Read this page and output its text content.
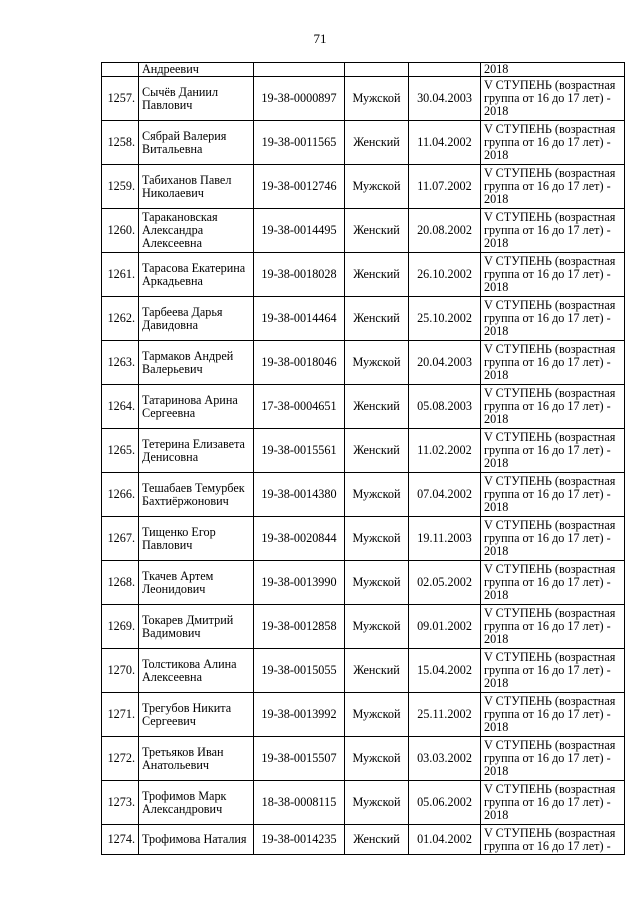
71
	Андреевич				2018
1257.	Сычёв Даниил Павлович	19-38-0000897	Мужской	30.04.2003	V СТУПЕНЬ (возрастная группа от 16 до 17 лет) - 2018
1258.	Сябрай Валерия Витальевна	19-38-0011565	Женский	11.04.2002	V СТУПЕНЬ (возрастная группа от 16 до 17 лет) - 2018
1259.	Табиханов Павел Николаевич	19-38-0012746	Мужской	11.07.2002	V СТУПЕНЬ (возрастная группа от 16 до 17 лет) - 2018
1260.	Таракановская Александра Алексеевна	19-38-0014495	Женский	20.08.2002	V СТУПЕНЬ (возрастная группа от 16 до 17 лет) - 2018
1261.	Тарасова Екатерина Аркадьевна	19-38-0018028	Женский	26.10.2002	V СТУПЕНЬ (возрастная группа от 16 до 17 лет) - 2018
1262.	Тарбеева Дарья Давидовна	19-38-0014464	Женский	25.10.2002	V СТУПЕНЬ (возрастная группа от 16 до 17 лет) - 2018
1263.	Тармаков Андрей Валерьевич	19-38-0018046	Мужской	20.04.2003	V СТУПЕНЬ (возрастная группа от 16 до 17 лет) - 2018
1264.	Татаринова Арина Сергеевна	17-38-0004651	Женский	05.08.2003	V СТУПЕНЬ (возрастная группа от 16 до 17 лет) - 2018
1265.	Тетерина Елизавета Денисовна	19-38-0015561	Женский	11.02.2002	V СТУПЕНЬ (возрастная группа от 16 до 17 лет) - 2018
1266.	Тешабаев Темурбек Бахтиёржонович	19-38-0014380	Мужской	07.04.2002	V СТУПЕНЬ (возрастная группа от 16 до 17 лет) - 2018
1267.	Тищенко Егор Павлович	19-38-0020844	Мужской	19.11.2003	V СТУПЕНЬ (возрастная группа от 16 до 17 лет) - 2018
1268.	Ткачев Артем Леонидович	19-38-0013990	Мужской	02.05.2002	V СТУПЕНЬ (возрастная группа от 16 до 17 лет) - 2018
1269.	Токарев Дмитрий Вадимович	19-38-0012858	Мужской	09.01.2002	V СТУПЕНЬ (возрастная группа от 16 до 17 лет) - 2018
1270.	Толстикова Алина Алексеевна	19-38-0015055	Женский	15.04.2002	V СТУПЕНЬ (возрастная группа от 16 до 17 лет) - 2018
1271.	Трегубов Никита Сергеевич	19-38-0013992	Мужской	25.11.2002	V СТУПЕНЬ (возрастная группа от 16 до 17 лет) - 2018
1272.	Третьяков Иван Анатольевич	19-38-0015507	Мужской	03.03.2002	V СТУПЕНЬ (возрастная группа от 16 до 17 лет) - 2018
1273.	Трофимов Марк Александрович	18-38-0008115	Мужской	05.06.2002	V СТУПЕНЬ (возрастная группа от 16 до 17 лет) - 2018
1274.	Трофимова Наталия	19-38-0014235	Женский	01.04.2002	V СТУПЕНЬ (возрастная группа от 16 до 17 лет) -
